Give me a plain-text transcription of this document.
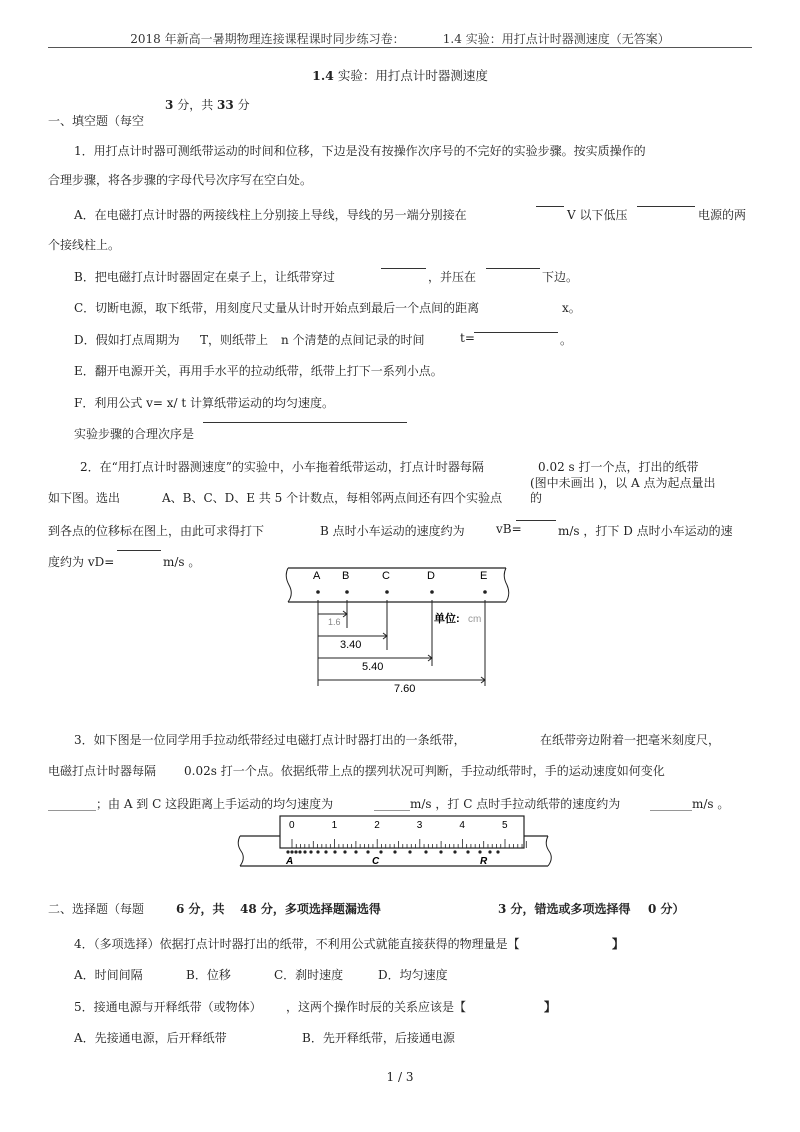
2018 年新高一暑期物理连接课程课时同步练习卷：	1.4 实验：用打点计时器测速度（无答案）
1.4 实验：用打点计时器测速度
3 分，共 33 分
一、填空题（每空
1．用打点计时器可测纸带运动的时间和位移，下边是没有按操作次序号的不完好的实验步骤。按实质操作的
合理步骤，将各步骤的字母代号次序写在空白处。
A．在电磁打点计时器的两接线柱上分别接上导线，导线的另一端分别接在	V 以下低压	电源的两
个接线柱上。
B．把电磁打点计时器固定在桌子上，让纸带穿过	，并压在	下边。
C．切断电源，取下纸带，用刻度尺丈量从计时开始点到最后一个点间的距离	x。
D．假如打点周期为 T，则纸带上 n 个清楚的点间记录的时间	t=	。
E．翻开电源开关，再用手水平的拉动纸带，纸带上打下一系列小点。
F．利用公式 v= x/ t 计算纸带运动的均匀速度。
实验步骤的合理次序是
2．在“用打点计时器测速度”的实验中，小车拖着纸带运动，打点计时器每隔	0.02 s 打一个点，打出的纸带
(图中未画出 )，以 A 点为起点量出
如下图。选出	A、B、C、D、E 共 5 个计数点，每相邻两点间还有四个实验点 的
到各点的位移标在图上，由此可求得打下	B 点时小车运动的速度约为	vB=	m/s ，打下 D 点时小车运动的速
度约为 vD=	m/s 。
A B	C	D	E
1.6
3.40
5.40
7.60
单位: cm
3．如下图是一位同学用手拉动纸带经过电磁打点计时器打出的一条纸带，	在纸带旁边附着一把毫米刻度尺，
电磁打点计时器每隔 0.02s 打一个点。依据纸带上点的摆列状况可判断，手拉动纸带时，手的运动速度如何变化
________；由 A 到 C 这段距离上手运动的均匀速度为	______m/s ，打 C 点时手拉动纸带的速度约为 _______m/s 。
0	1	2	3	4	5
A	C	R
二、选择题（每题	6 分，共 48 分，多项选择题漏选得	3 分，错选或多项选择得 0 分）
4．（多项选择）依据打点计时器打出的纸带，不利用公式就能直接获得的物理量是【	】
A．时间间隔	B．位移	C．刹时速度	D．均匀速度
5．接通电源与开释纸带（或物体） ，这两个操作时辰的关系应该是【	】
A．先接通电源，后开释纸带	B．先开释纸带，后接通电源
1 / 3
